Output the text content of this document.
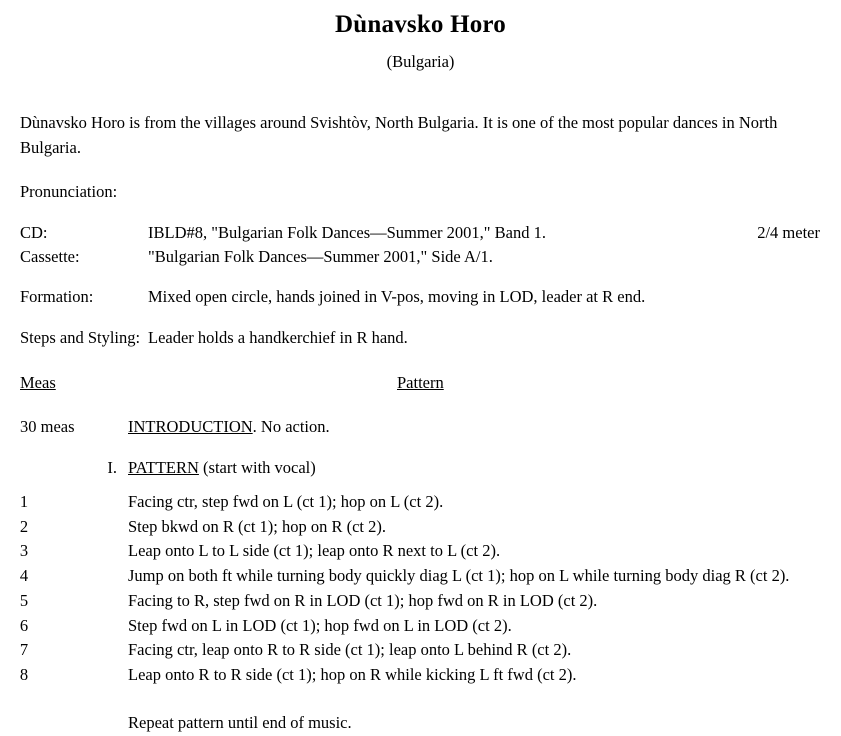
Dùnavsko Horo
(Bulgaria)

Dùnavsko Horo is from the villages around Svishtòv, North Bulgaria. It is one of the most popular dances in North Bulgaria.

Pronunciation:
CD:	IBLD#8, "Bulgarian Folk Dances—Summer 2001," Band 1.	2/4 meter
Cassette:	"Bulgarian Folk Dances—Summer 2001," Side A/1.
Formation:	Mixed open circle, hands joined in V-pos, moving in LOD, leader at R end.
Steps and Styling: Leader holds a handkerchief in R hand.
Meas	Pattern
30 meas	INTRODUCTION. No action.
I. PATTERN (start with vocal)
1	Facing ctr, step fwd on L (ct 1); hop on L (ct 2).
2	Step bkwd on R (ct 1); hop on R (ct 2).
3	Leap onto L to L side (ct 1); leap onto R next to L (ct 2).
4	Jump on both ft while turning body quickly diag L (ct 1); hop on L while turning body diag R (ct 2).
5	Facing to R, step fwd on R in LOD (ct 1); hop fwd on R in LOD (ct 2).
6	Step fwd on L in LOD (ct 1); hop fwd on L in LOD (ct 2).
7	Facing ctr, leap onto R to R side (ct 1); leap onto L behind R (ct 2).
8	Leap onto R to R side (ct 1); hop on R while kicking L ft fwd (ct 2).
Repeat pattern until end of music.
